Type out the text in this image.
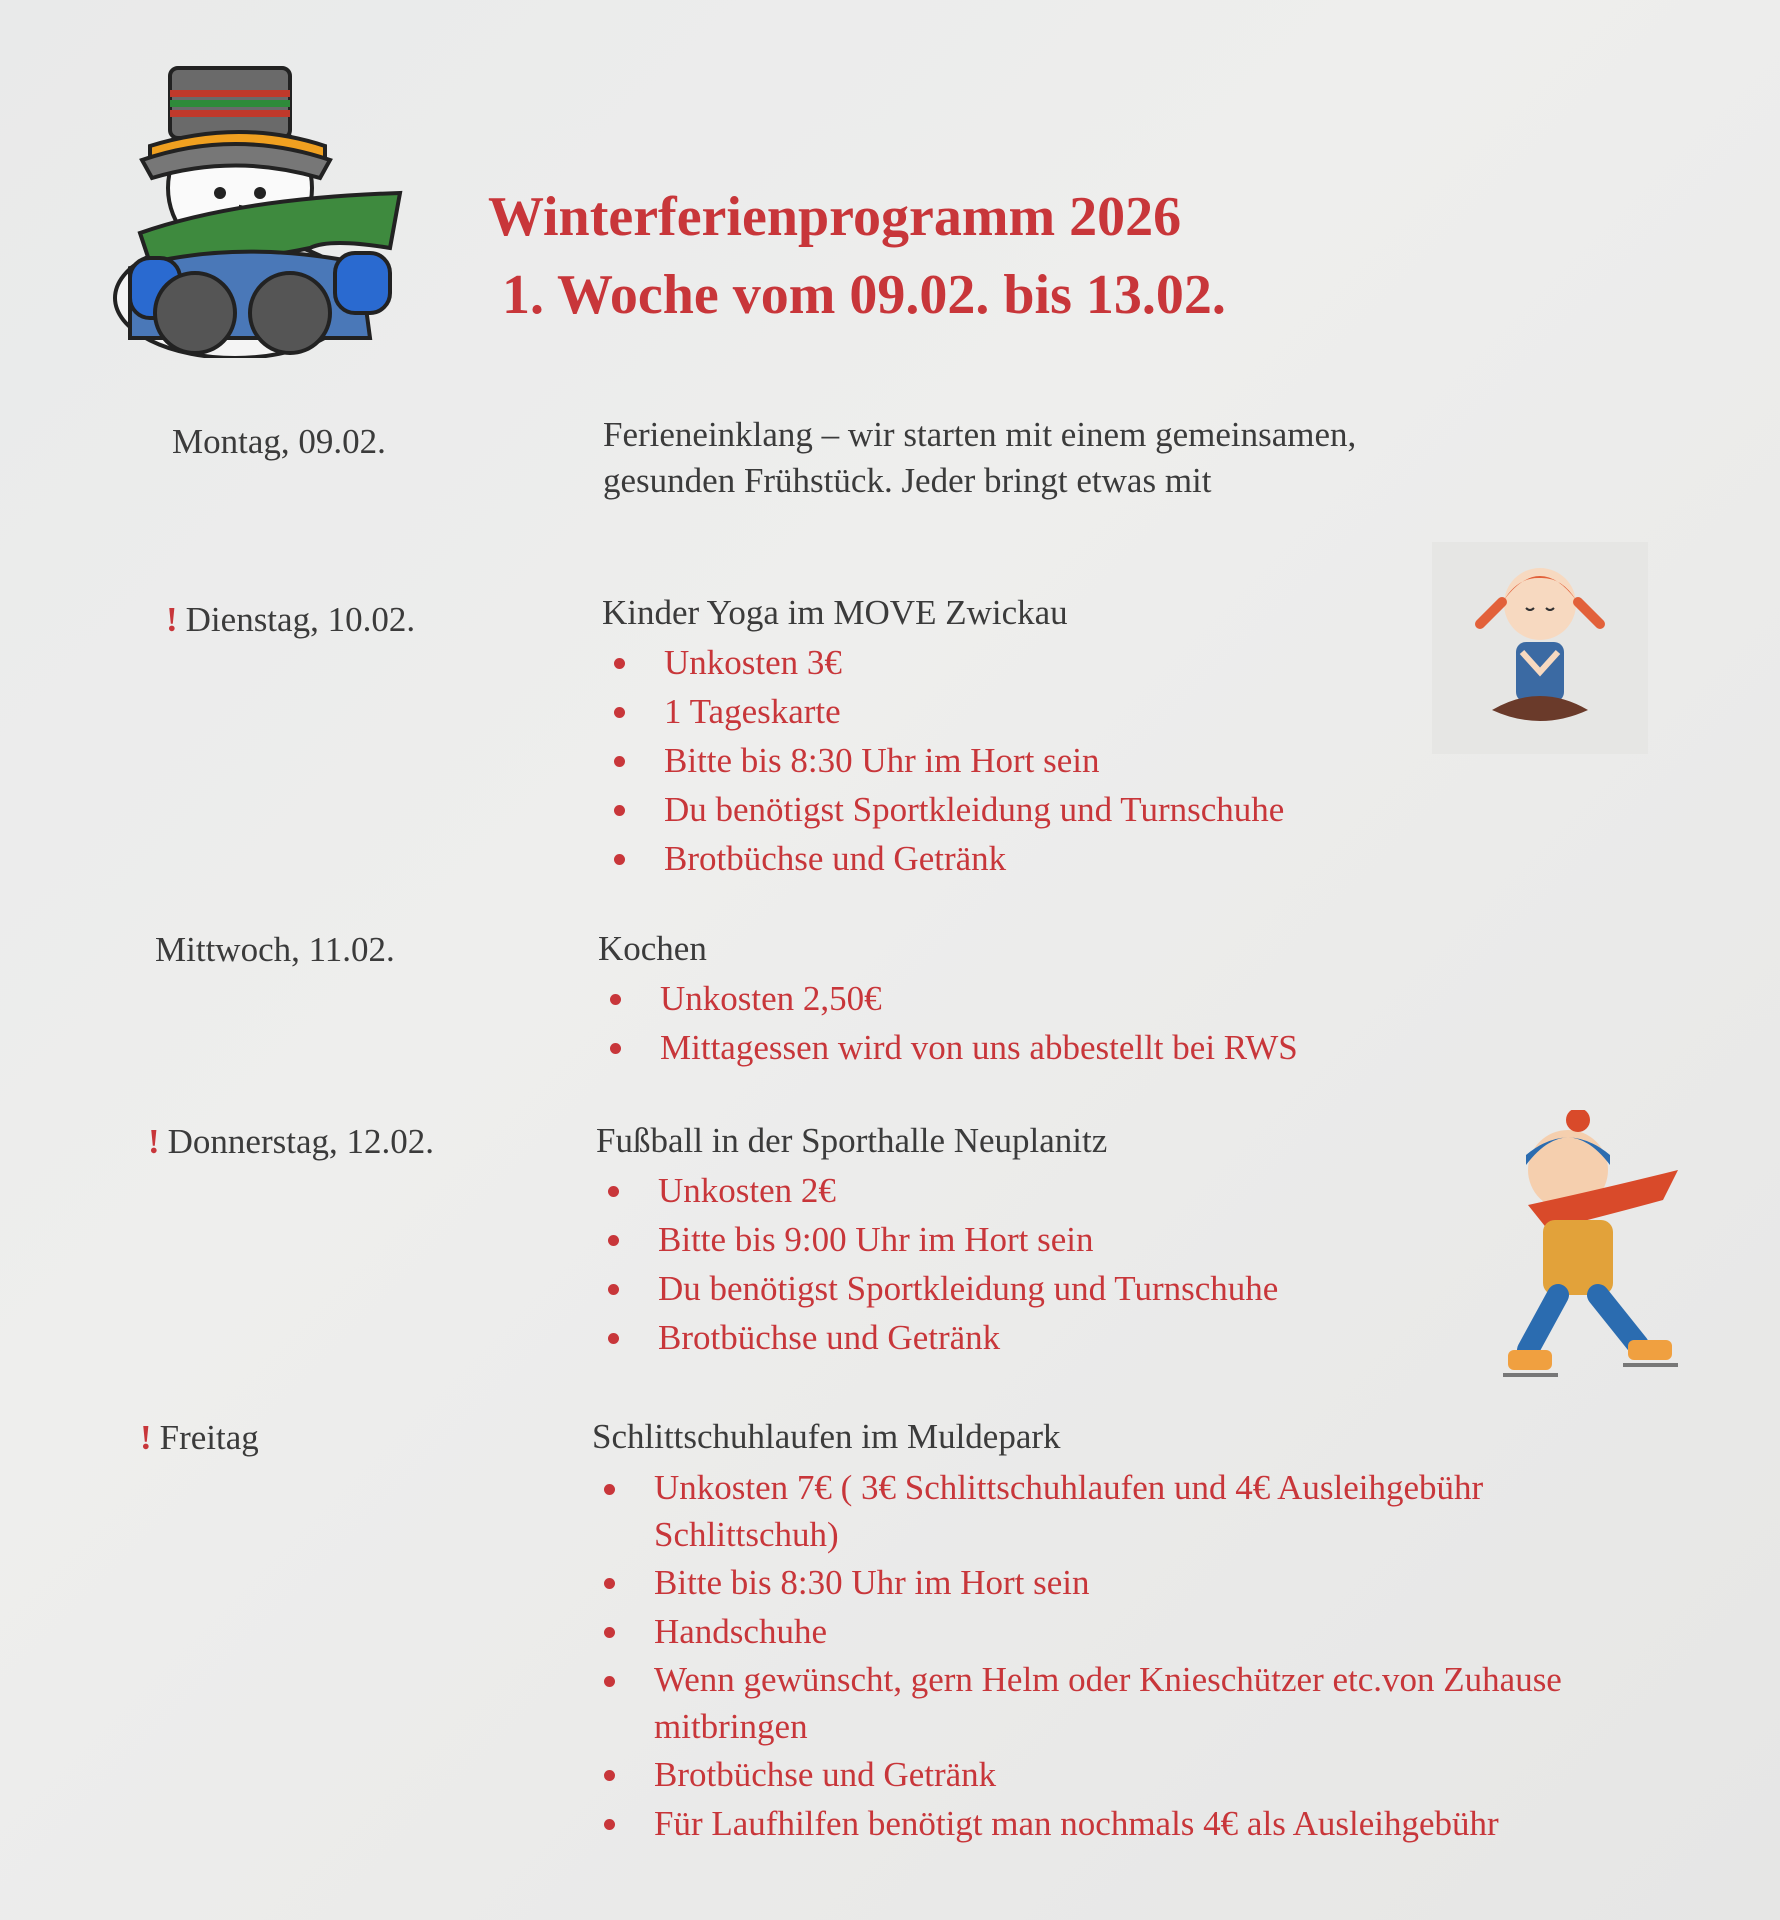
Winterferienprogramm 2026
1. Woche vom 09.02. bis 13.02.
Montag, 09.02.	Ferieneinklang – wir starten mit einem gemeinsamen, gesunden Frühstück. Jeder bringt etwas mit
! Dienstag, 10.02.	Kinder Yoga im MOVE Zwickau
Unkosten 3€
1 Tageskarte
Bitte bis 8:30 Uhr im Hort sein
Du benötigst Sportkleidung und Turnschuhe
Brotbüchse und Getränk
Mittwoch, 11.02.	Kochen
Unkosten 2,50€
Mittagessen wird von uns abbestellt bei RWS
! Donnerstag, 12.02.	Fußball in der Sporthalle Neuplanitz
Unkosten 2€
Bitte bis 9:00 Uhr im Hort sein
Du benötigst Sportkleidung und Turnschuhe
Brotbüchse und Getränk
! Freitag	Schlittschuhlaufen im Muldepark
Unkosten 7€ ( 3€ Schlittschuhlaufen und 4€ Ausleihgebühr Schlittschuh)
Bitte bis 8:30 Uhr im Hort sein
Handschuhe
Wenn gewünscht, gern Helm oder Knieschützer etc.von Zuhause mitbringen
Brotbüchse und Getränk
Für Laufhilfen benötigt man nochmals 4€ als Ausleihgebühr
